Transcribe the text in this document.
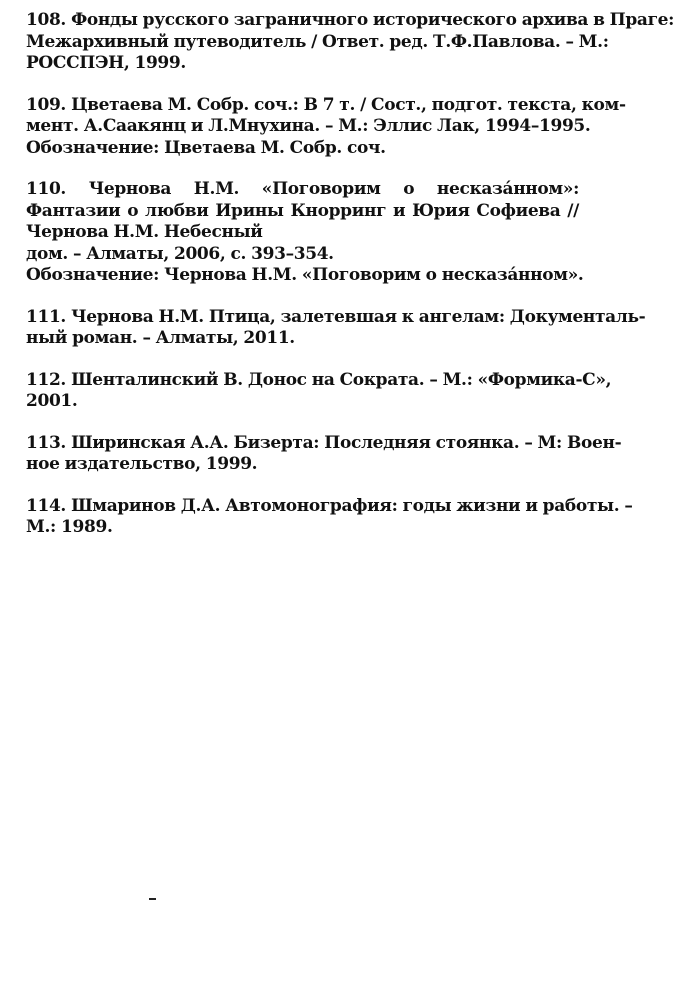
108. Фонды русского заграничного исторического архива в Праге:
Межархивный путеводитель / Ответ. ред. Т.Ф.Павлова. – М.:
РОССПЭН, 1999.
109. Цветаева М. Собр. соч.: В 7 т. / Сост., подгот. текста, ком-
мент. А.Саакянц и Л.Мнухина. – М.: Эллис Лак, 1994–1995.
Обозначение: Цветаева М. Собр. соч.
110. Чернова Н.М. «Поговорим о несказа́нном»: Фантазии о любви Ирины Кнорринг и Юрия Софиева // Чернова Н.М. Небесный
дом. – Алматы, 2006, с. 393–354.
Обозначение: Чернова Н.М. «Поговорим о несказа́нном».
111. Чернова Н.М. Птица, залетевшая к ангелам: Документаль-
ный роман. – Алматы, 2011.
112. Шенталинский В. Донос на Сократа. – М.: «Формика-С»,
2001.
113. Ширинская А.А. Бизерта: Последняя стоянка. – М: Воен-
ное издательство, 1999.
114. Шмаринов Д.А. Автомонография: годы жизни и работы. –
М.: 1989.
